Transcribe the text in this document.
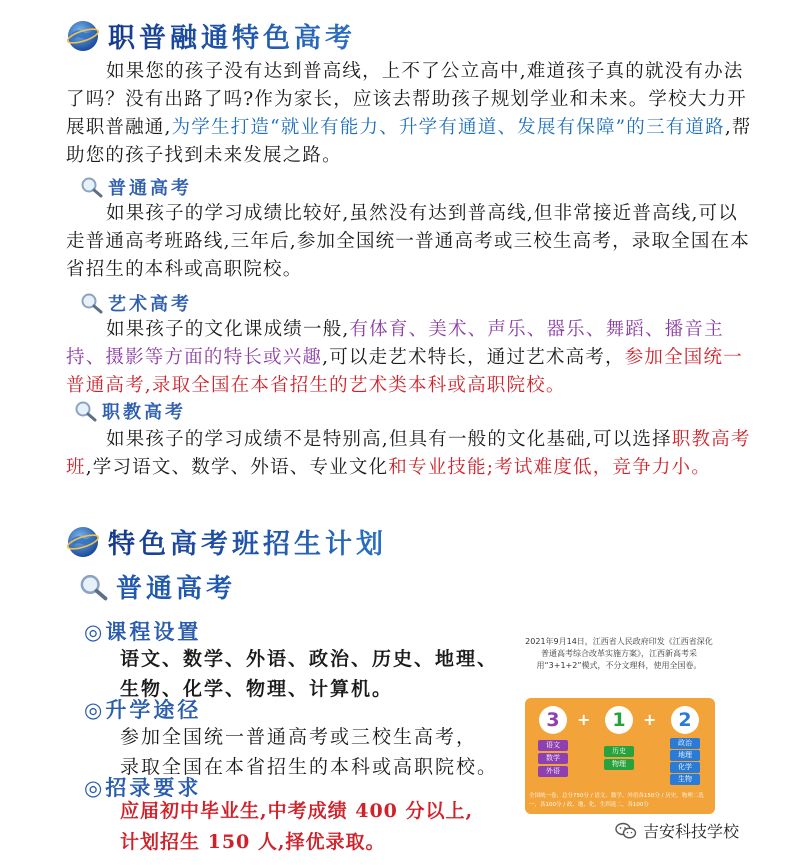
职普融通特色高考
如果您的孩子没有达到普高线，上不了公立高中,难道孩子真的就没有办法了吗？没有出路了吗?作为家长，应该去帮助孩子规划学业和未来。学校大力开展职普融通,为学生打造“就业有能力、升学有通道、发展有保障”的三有道路,帮助您的孩子找到未来发展之路。
普通高考
如果孩子的学习成绩比较好,虽然没有达到普高线,但非常接近普高线,可以走普通高考班路线,三年后,参加全国统一普通高考或三校生高考，录取全国在本省招生的本科或高职院校。
艺术高考
如果孩子的文化课成绩一般,有体育、美术、声乐、器乐、舞蹈、播音主持、摄影等方面的特长或兴趣,可以走艺术特长，通过艺术高考，参加全国统一普通高考,录取全国在本省招生的艺术类本科或高职院校。
职教高考
如果孩子的学习成绩不是特别高,但具有一般的文化基础,可以选择职教高考班,学习语文、数学、外语、专业文化和专业技能;考试难度低，竞争力小。
特色高考班招生计划
普通高考
◎课程设置
语文、数学、外语、政治、历史、地理、
生物、化学、物理、计算机。
◎升学途径
参加全国统一普通高考或三校生高考，
录取全国在本省招生的本科或高职院校。
◎招录要求
应届初中毕业生,中考成绩 400 分以上,
计划招生 150 人,择优录取。
2021年9月14日，江西省人民政府印发《江西省深化普通高考综合改革实施方案》，江西新高考采用“3+1+2”模式，不分文理科，使用全国卷。
3	+	1	+	2
语文
数学
外语
历史
物理
政治
地理
化学
生物
全国统一卷，总分750分 / 语文、数学、外语各150分 / 历史、物理二选一，各100分 / 政、地、化、生四选二，各100分
吉安科技学校
